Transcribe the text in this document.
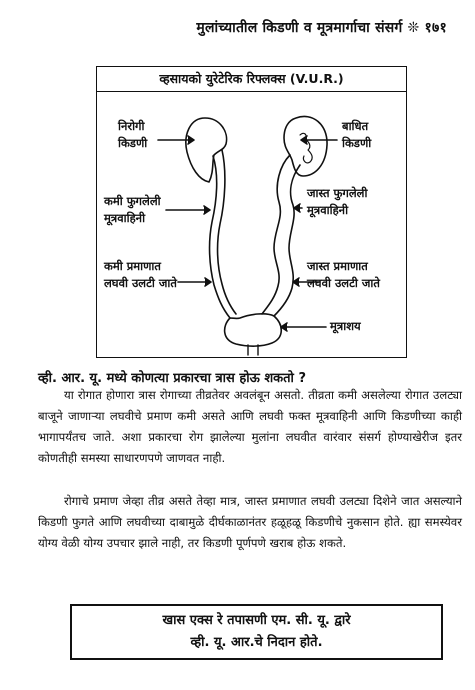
मुलांच्यातील किडणी व मूत्रमार्गाचा संसर्ग ❊ १७१
व्हसायको युरेटेरिक रिफ्लक्स (V.U.R.)
निरोगी
किडणी
बाधित
किडणी
कमी फुगलेली
मूत्रवाहिनी
जास्त फुगलेली
मूत्रवाहिनी
कमी प्रमाणात
लघवी उलटी जाते
जास्त प्रमाणात
लघवी उलटी जाते
मूत्राशय
व्ही. आर. यू. मध्ये कोणत्या प्रकारचा त्रास होऊ शकतो ?

या रोगात होणारा त्रास रोगाच्या तीव्रतेवर अवलंबून असतो. तीव्रता कमी असलेल्या रोगात उलट्या बाजूने जाणाऱ्या लघवीचे प्रमाण कमी असते आणि लघवी फक्त मूत्रवाहिनी आणि किडणीच्या काही भागापर्यंतच जाते. अशा प्रकारचा रोग झालेल्या मुलांना लघवीत वारंवार संसर्ग होण्याखेरीज इतर कोणतीही समस्या साधारणपणे जाणवत नाही.

रोगाचे प्रमाण जेव्हा तीव्र असते तेव्हा मात्र, जास्त प्रमाणात लघवी उलट्या दिशेने जात असल्याने किडणी फुगते आणि लघवीच्या दाबामुळे दीर्घकाळानंतर हळूहळू किडणीचे नुकसान होते. ह्या समस्येवर योग्य वेळी योग्य उपचार झाले नाही, तर किडणी पूर्णपणे खराब होऊ शकते.

खास एक्स रे तपासणी एम. सी. यू. द्वारे
व्ही. यू. आर.चे निदान होते.
